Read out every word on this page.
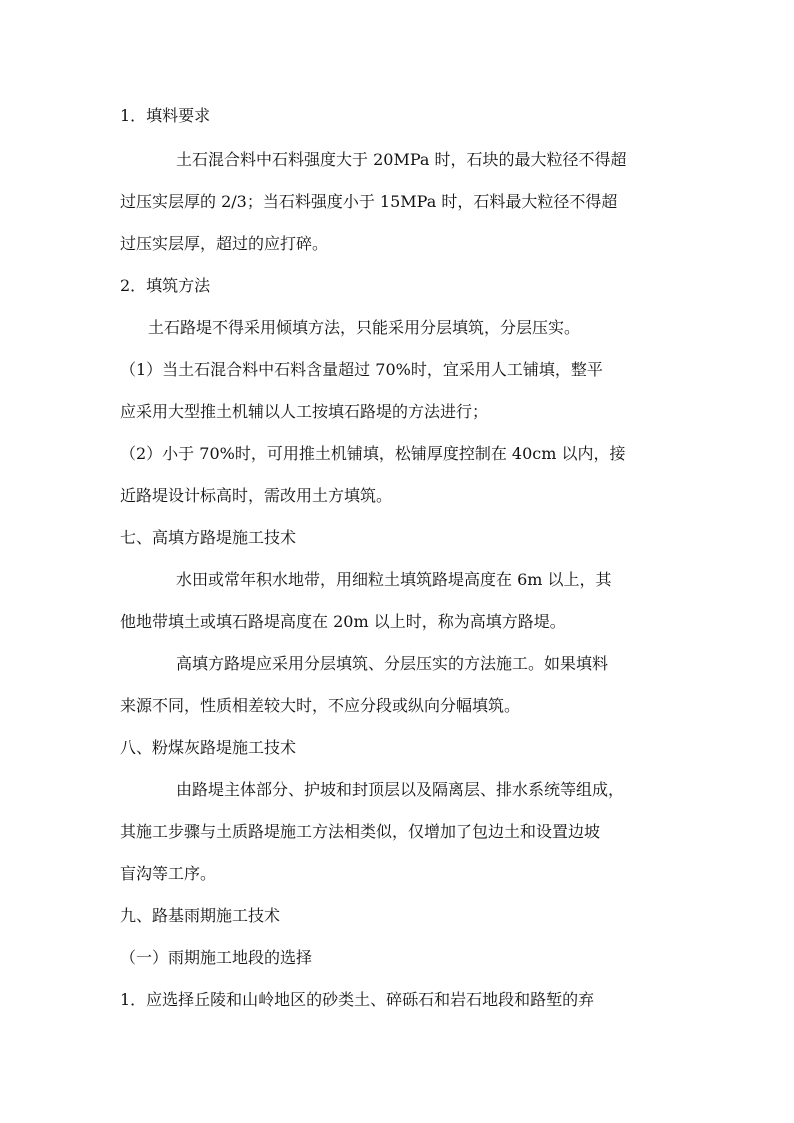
1．填料要求
土石混合料中石料强度大于 20MPa 时，石块的最大粒径不得超
过压实层厚的 2/3；当石料强度小于 15MPa 时，石料最大粒径不得超
过压实层厚，超过的应打碎。
2．填筑方法
土石路堤不得采用倾填方法，只能采用分层填筑，分层压实。
（1）当土石混合料中石料含量超过 70%时，宜采用人工铺填，整平
应采用大型推土机辅以人工按填石路堤的方法进行；
（2）小于 70%时，可用推土机铺填，松铺厚度控制在 40cm 以内，接
近路堤设计标高时，需改用土方填筑。
七、高填方路堤施工技术
水田或常年积水地带，用细粒土填筑路堤高度在 6m 以上，其
他地带填土或填石路堤高度在 20m 以上时，称为高填方路堤。
高填方路堤应采用分层填筑、分层压实的方法施工。如果填料
来源不同，性质相差较大时，不应分段或纵向分幅填筑。
八、粉煤灰路堤施工技术
由路堤主体部分、护坡和封顶层以及隔离层、排水系统等组成，
其施工步骤与土质路堤施工方法相类似，仅增加了包边土和设置边坡
盲沟等工序。
九、路基雨期施工技术
（一）雨期施工地段的选择
1．应选择丘陵和山岭地区的砂类土、碎砾石和岩石地段和路堑的弃
